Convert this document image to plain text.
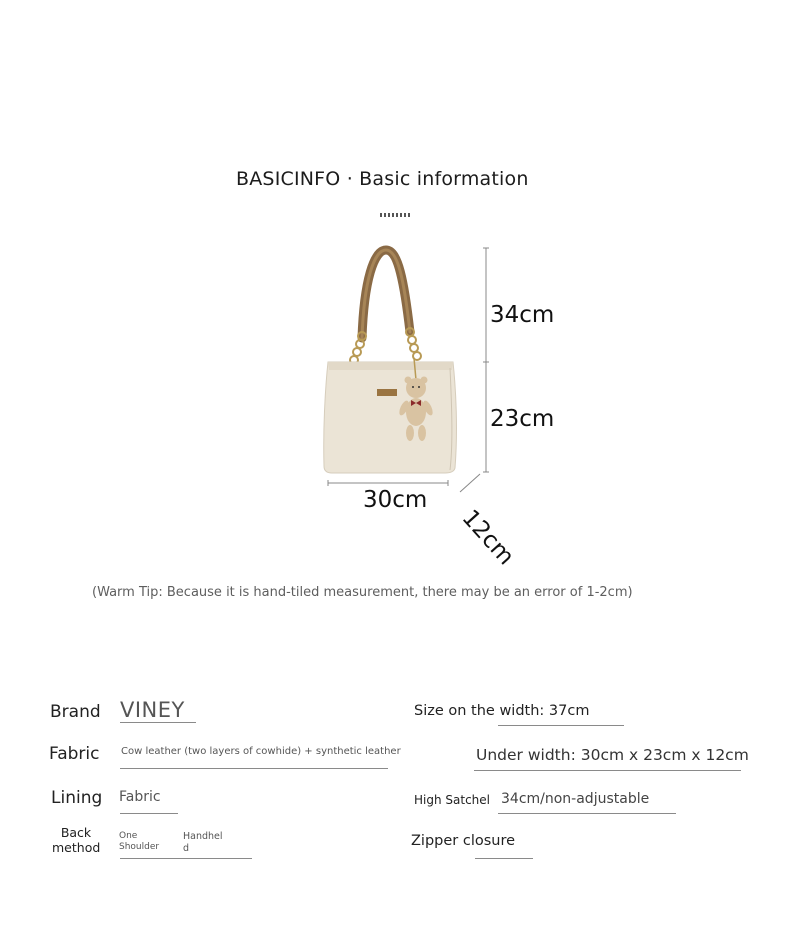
BASICINFO · Basic information
34cm
23cm
30cm
12cm
(Warm Tip: Because it is hand-tiled measurement, there may be an error of 1-2cm)
Brand VINEY
Fabric Cow leather (two layers of cowhide) + synthetic leather
Lining Fabric
Back method
One Shoulder
Handheld
Size on the width: 37cm
Under width: 30cm x 23cm x 12cm
High Satchel 34cm/non-adjustable
Zipper closure
